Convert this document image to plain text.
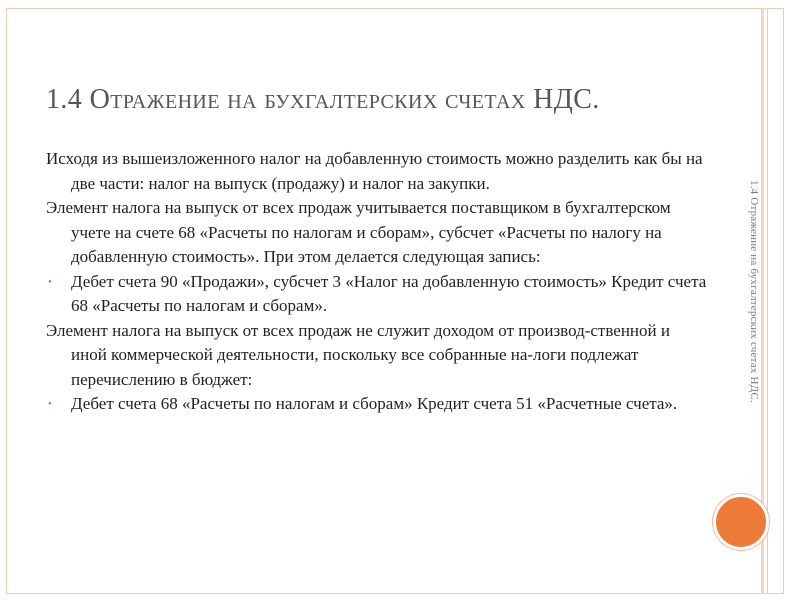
1.4 Отражение на бухгалтерских счетах НДС.
1.4 Отражение на бухгалтерских счетах НДС.

Исходя из вышеизложенного налог на добавленную стоимость можно разделить как бы на две части: налог на выпуск (продажу) и налог на закупки.

Элемент налога на выпуск от всех продаж учитывается поставщиком в бухгалтерском учете на счете 68 «Расчеты по налогам и сборам», субсчет «Расчеты по налогу на добавленную стоимость». При этом делается следующая запись:

• Дебет счета 90 «Продажи», субсчет 3 «Налог на добавленную стоимость» Кредит счета 68 «Расчеты по налогам и сборам».

Элемент налога на выпуск от всех продаж не служит доходом от производ-ственной и иной коммерческой деятельности, поскольку все собранные на-логи подлежат перечислению в бюджет:

• Дебет счета 68 «Расчеты по налогам и сборам» Кредит счета 51 «Расчетные счета».
